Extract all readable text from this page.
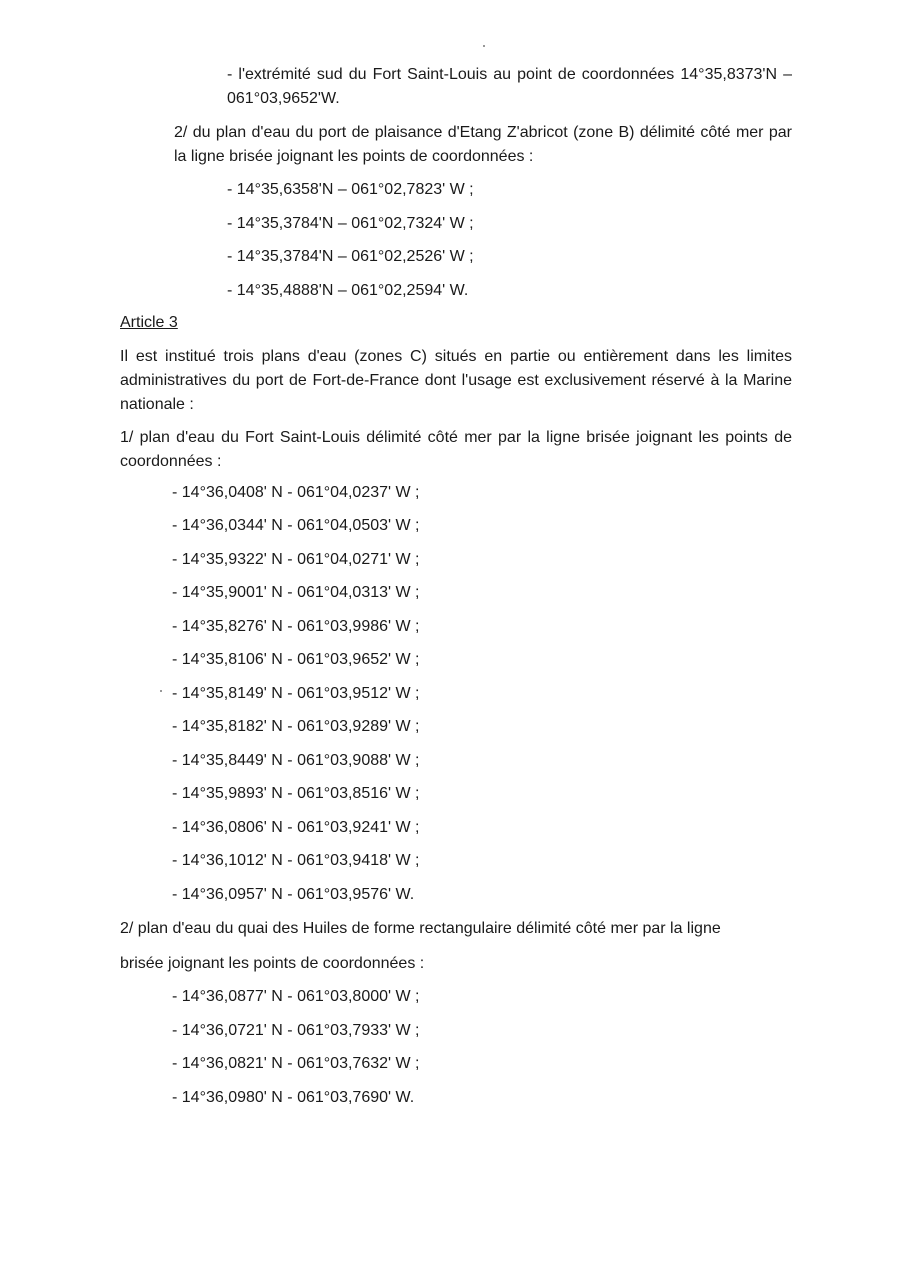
- l'extrémité sud du Fort Saint-Louis au point de coordonnées 14°35,8373'N – 061°03,9652'W.

2/ du plan d'eau du port de plaisance d'Etang Z'abricot (zone B) délimité côté mer par la ligne brisée joignant les points de coordonnées :

- 14°35,6358'N – 061°02,7823' W ;

- 14°35,3784'N – 061°02,7324' W ;

- 14°35,3784'N – 061°02,2526' W ;

- 14°35,4888'N – 061°02,2594' W.

Article 3

Il est institué trois plans d'eau (zones C) situés en partie ou entièrement dans les limites administratives du port de Fort-de-France dont l'usage est exclusivement réservé à la Marine nationale :

1/ plan d'eau du Fort Saint-Louis délimité côté mer par la ligne brisée joignant les points de coordonnées :

- 14°36,0408' N - 061°04,0237' W ;

- 14°36,0344' N - 061°04,0503' W ;

- 14°35,9322' N - 061°04,0271' W ;

- 14°35,9001' N - 061°04,0313' W ;

- 14°35,8276' N - 061°03,9986' W ;

- 14°35,8106' N - 061°03,9652' W ;

- 14°35,8149' N - 061°03,9512' W ;

- 14°35,8182' N - 061°03,9289' W ;

- 14°35,8449' N - 061°03,9088' W ;

- 14°35,9893' N - 061°03,8516' W ;

- 14°36,0806' N - 061°03,9241' W ;

- 14°36,1012' N - 061°03,9418' W ;

- 14°36,0957' N - 061°03,9576' W.

2/ plan d'eau du quai des Huiles de forme rectangulaire délimité côté mer par la ligne

brisée joignant les points de coordonnées :

- 14°36,0877' N - 061°03,8000' W ;

- 14°36,0721' N - 061°03,7933' W ;

- 14°36,0821' N - 061°03,7632' W ;

- 14°36,0980' N - 061°03,7690' W.
